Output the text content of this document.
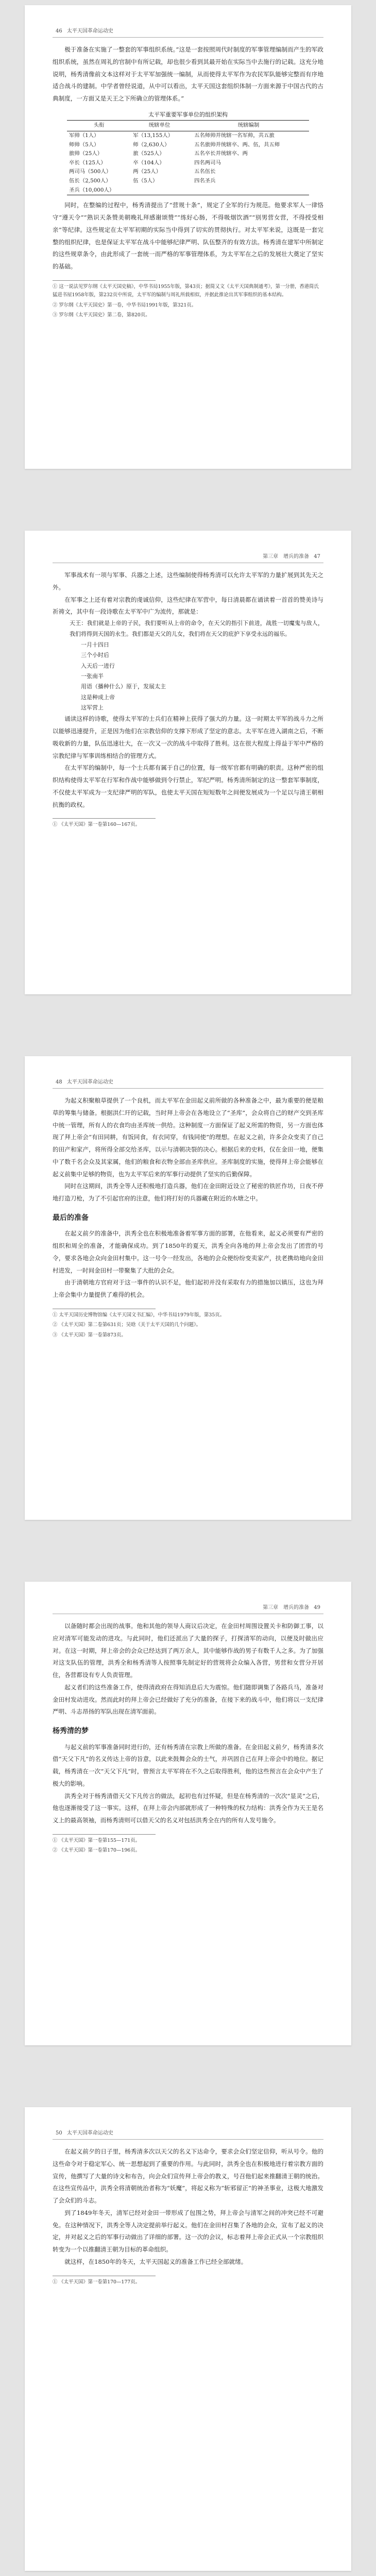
46 太平天国革命运动史

极于准备在实施了一整套的军事组织系统。”这是一套按照周代时制度的军事管理编制而产生的军政组织系统，虽然在周礼的官制中有所记载，却也很少看到其最开始在实际当中去施行的记载。这充分地说明，杨秀清像前文本这样对于太平军加强统一编制，从而使得太平军作为农民军队能够完整而有序地适合战斗的建制。中学者曾经说道，从中可以看出，太平天国这套组织体制一方面来源于中国古代的古典制度，一方面又是天王之下所确立的管理体系。”

太平军重要军事单位的组织架构
头衔	统辖单位	统辖编制
军帅（1人）	军（13,155人）	五名师帅并统辖一名军帅，共五旅
师帅（5人）	师（2,630人）	五名旅帅并统辖卒、两、伍，共五师
旅帅（25人）	旅（525人）	五名卒长并统辖卒、两
卒长（125人）	卒（104人）	四名两司马
两司马（500人）	两（25人）	五名伍长
伍长（2,500人）	伍（5人）	四名圣兵
圣兵（10,000人）		

同时，在整编的过程中，杨秀清提出了“营规十条”，规定了全军的行为规范。他要求军人一律恪守“遵天令”“熟识天条赞美朝晚礼拜感谢颂赞”“练好心肠，不得吸烟饮酒”“别男营女营，不得授受相亲”等纪律。这些规定在太平军初期的实际当中得到了切实的贯彻执行。对太平军来说，这既是一套完整的组织纪律，也是保证太平军在战斗中能够纪律严明、队伍整齐的有效方法。杨秀清在建军中所制定的这些规章条令，由此形成了一套统一而严格的军事管理体系，为太平军在之后的发展壮大奠定了坚实的基础。

① 这一说法见罗尔纲《太平天国史稿》，中华书局1955年版，第43页；据简又文《太平天国典制通考》，第一分册，香港简氏猛进书屋1958年版，第232页中所说，太平军的编制与周礼所载相似，并据此推论出其军事组织的基本结构。
② 罗尔纲《太平天国史》第一卷，中华书局1991年版，第321页。
③ 罗尔纲《太平天国史》第二卷，第820页。
第三章　增兵的准备 47

军事战术有一项与军事、兵器之上述，这些编制使得杨秀清可以允许太平军的力量扩展到其先天之外。

在军事之上还有着对宗教的虔诚信仰，这些纪律在军营中，每日清晨都在诵读着一首首的赞美诗与祈祷文，其中有一段诗歌在太平军中广为流传，那就是：

天王：我们就是上帝的子民，我们要听从上帝的命令，在天父的指引下前进，战胜一切魔鬼与敌人，我们将得到天国的永生。我们都是天父的儿女，我们将在天父的庇护下享受永远的福乐。

一月十四日
三个小时后
入天后一进行
一张南半
用语（播种什么）原于，发展太主
这是种成上帝
这军营上

诵读这样的诗歌，使得太平军的士兵们在精神上获得了强大的力量。这一时期太平军的战斗力之所以能够迅速提升，正是因为他们在宗教信仰的支撑下形成了坚定的意志。太平军在进入湖南之后，不断吸收新的力量，队伍迅速壮大，在一次又一次的战斗中取得了胜利。这在很大程度上得益于军中严格的宗教纪律与军事训练相结合的管理方式。

在太平军的编制中，每一个士兵都有属于自己的位置，每一级军官都有明确的职责。这种严密的组织结构使得太平军在行军和作战中能够做到令行禁止，军纪严明。杨秀清所制定的这一整套军事制度，不仅使太平军成为一支纪律严明的军队，也使太平天国在短短数年之间便发展成为一个足以与清王朝相抗衡的政权。

① 《太平天国》第一卷第160—167页。
48 太平天国革命运动史

为起义积聚粮草提供了一个良机，而太平军在金田起义前所做的各种准备之中，最为重要的便是粮草的筹集与储备。根据洪仁玕的记载，当时拜上帝会在各地设立了“圣库”，会众将自己的财产交到圣库中统一管理，所有人的衣食均由圣库统一供给。这种制度一方面保证了起义所需的物资，另一方面也体现了拜上帝会“有田同耕，有饭同食，有衣同穿，有钱同使”的理想。在起义之前，许多会众变卖了自己的田产和家产，将所得全部交给圣库，以示与清朝决裂的决心。根据后来的史料，仅在金田一地，便集中了数千名会众及其家属，他们的粮食和衣物全部由圣库供应。圣库制度的实施，使得拜上帝会能够在起义前集中足够的物资，也为太平军后来的军事行动提供了坚实的后勤保障。

同时在这期间，洪秀全等人还积极地打造兵器，他们在金田附近设立了秘密的铁匠作坊，日夜不停地打造刀枪，为了不引起官府的注意，他们将打好的兵器藏在附近的水塘之中。

最后的准备

在起义前夕的准备中，洪秀全也在积极地准备着军事方面的部署，在他看来，起义必须要有严密的组织和周全的准备，才能确保成功。到了1850年的夏天，洪秀全向各地的拜上帝会发出了团营的号令，要求各地会众向金田村集中。这一号令一经发出，各地的会众便纷纷变卖家产，扶老携幼地向金田村进发，一时间金田村一带聚集了大批的会众。

由于清朝地方官府对于这一事件的认识不足，他们起初并没有采取有力的措施加以镇压，这也为拜上帝会集中力量提供了难得的机会。

① 太平天国历史博物馆编《太平天国文书汇编》，中华书局1979年版，第35页。
② 《太平天国》第二卷第631页；吴晗《关于太平天国的几个问题》。
③ 《太平天国》第一卷第873页。
第三章　增兵的准备 49

以备随时都会出现的战事。他和其他的领导人商议后决定，在金田村周围设置关卡和防御工事，以应对清军可能发动的进攻。与此同时，他们还派出了大量的探子，打探清军的动向，以便及时做出应对。在这一时期，拜上帝会的会众已经达到了两万余人，其中能够作战的男子有数千人之多。为了加强对这支队伍的管理，洪秀全和杨秀清等人按照事先制定好的营规将会众编入各营，男营和女营分开居住，各营都设有专人负责管理。

起义者们的这些准备工作，使得清政府在得知消息后大为震惊。他们随即调集了各路兵马，准备对金田村发动进攻。然而此时的拜上帝会已经做好了充分的准备，在接下来的战斗中，他们将以一支纪律严明、斗志昂扬的军队出现在清军面前。

杨秀清的梦

与起义前的军事准备同时进行的，还有杨秀清在宗教上所做的准备。在金田起义前夕，杨秀清多次借“天父下凡”的名义传达上帝的旨意，以此来鼓舞会众的士气，并巩固自己在拜上帝会中的地位。据记载，杨秀清在一次“天父下凡”时，曾预言太平军将在不久之后取得胜利，他的这些预言在会众中产生了极大的影响。

洪秀全对于杨秀清借天父下凡传言的做法，起初也有过怀疑，但是在杨秀清的一次次“显灵”之后，他也逐渐接受了这一事实。这样，在拜上帝会内部就形成了一种特殊的权力结构：洪秀全作为天王是名义上的最高领袖，而杨秀清则可以借天父的名义对包括洪秀全在内的所有人发号施令。

① 《太平天国》第一卷第155—171页。
② 《太平天国》第一卷第170—196页。
50 太平天国革命运动史

在起义前夕的日子里，杨秀清多次以天父的名义下达命令，要求会众们坚定信仰，听从号令。他的这些命令对于稳定军心、统一思想起到了重要的作用。与此同时，洪秀全也在积极地进行着宗教方面的宣传，他撰写了大量的诗文和布告，向会众们宣传拜上帝会的教义，号召他们起来推翻清王朝的统治。在这些宣传品中，洪秀全将清朝统治者称为“妖魔”，将起义称为“斩邪留正”的神圣事业，这极大地激发了会众们的斗志。

到了1849年冬天，清军已经对金田一带形成了包围之势，拜上帝会与清军之间的冲突已经不可避免。在这种情况下，洪秀全等人决定提前举行起义。他们在金田村召集了各地的会众，宣布了起义的决定，并对起义之后的军事行动做出了详细的部署。这一次的会议，标志着拜上帝会正式从一个宗教组织转变为一个以推翻清王朝为目标的革命组织。

就这样，在1850年的冬天，太平天国起义的准备工作已经全部就绪。

① 《太平天国》第一卷第170—177页。
